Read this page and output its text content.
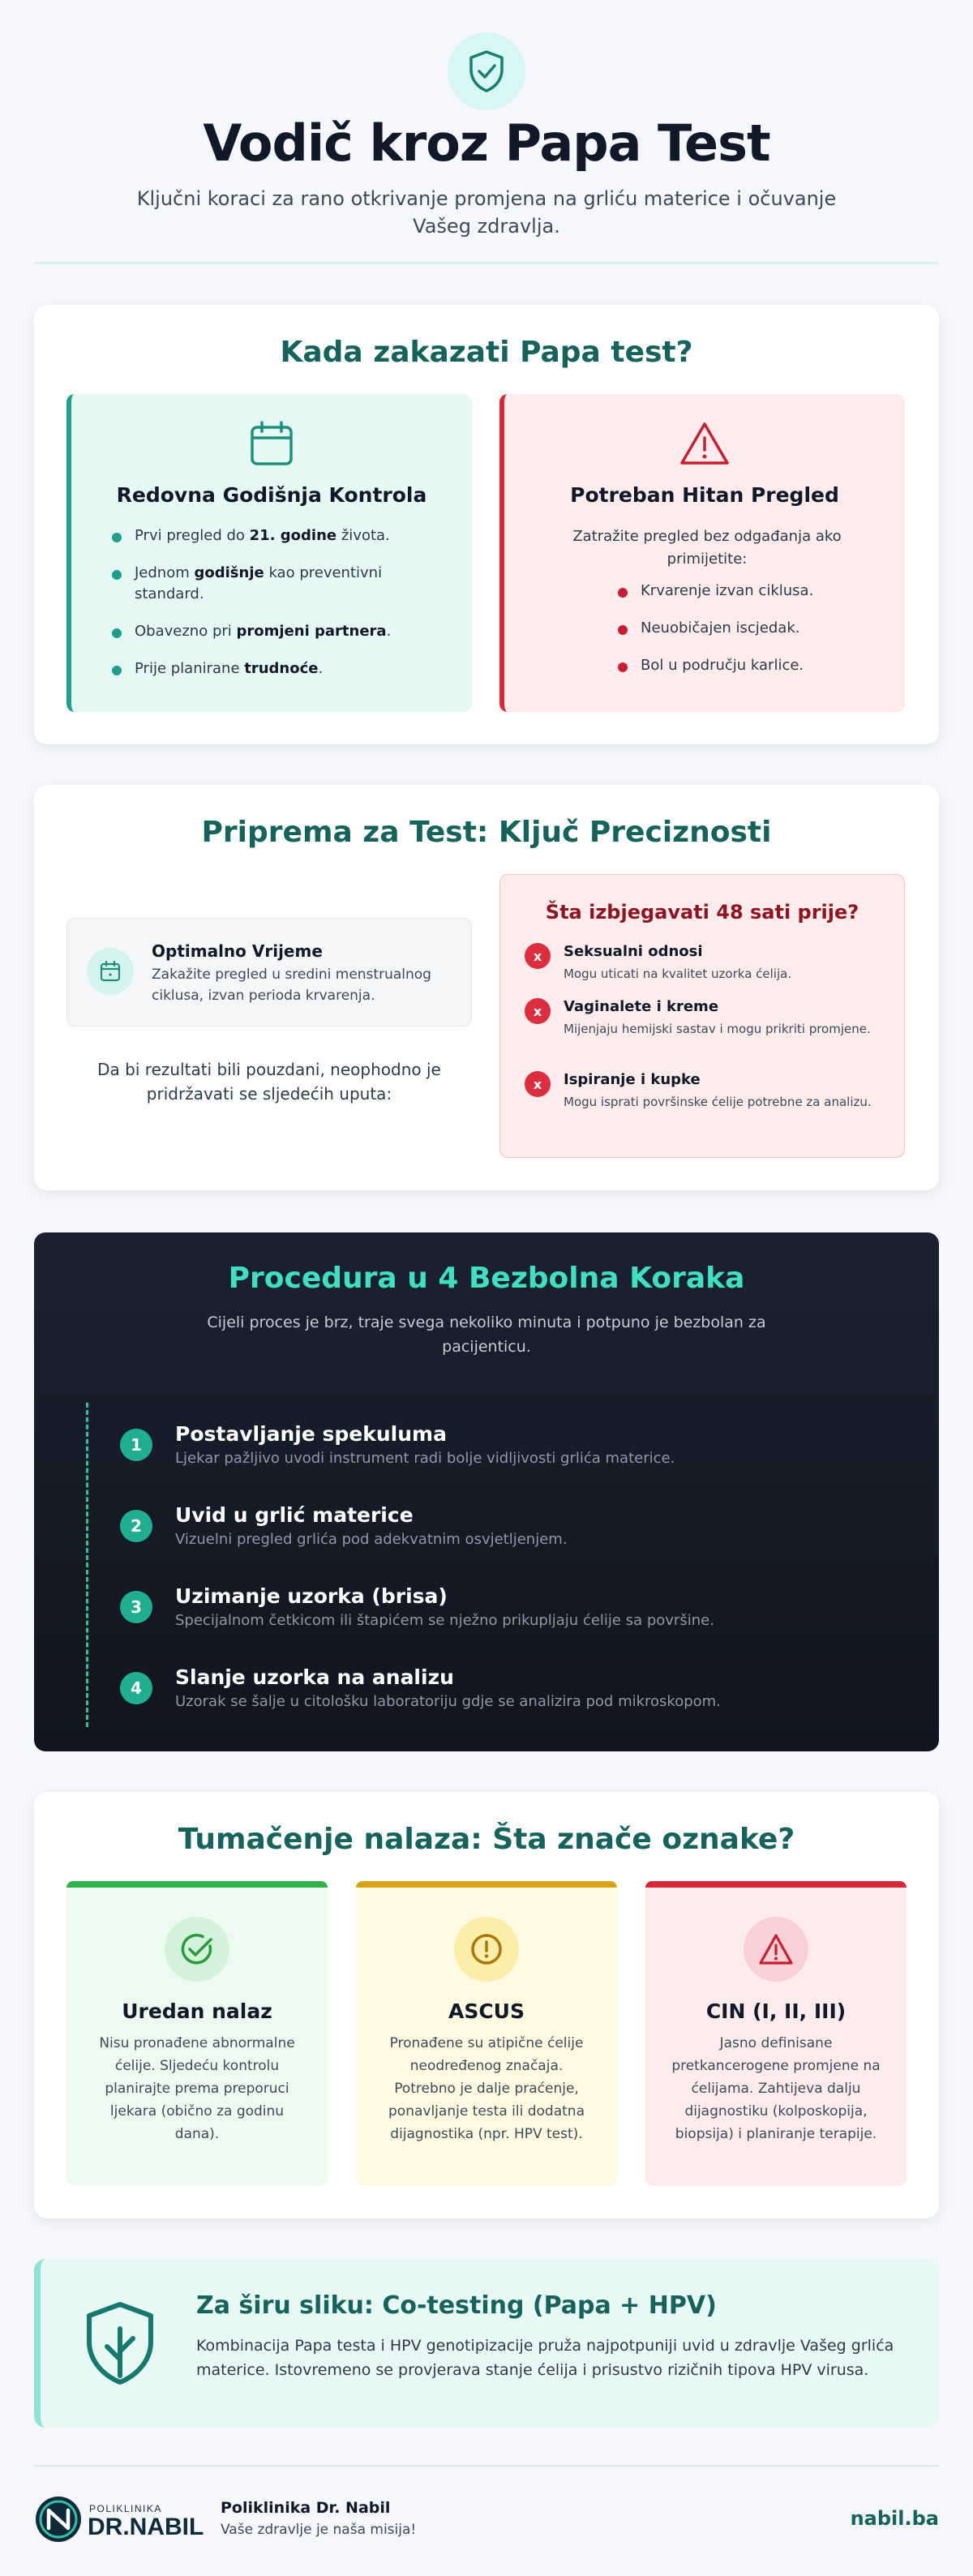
Vodič kroz Papa Test

Ključni koraci za rano otkrivanje promjena na grliću materice i očuvanje Vašeg zdravlja.

Kada zakazati Papa test?
Redovna Godišnja Kontrola
Prvi pregled do 21. godine života.
Jednom godišnje kao preventivni standard.
Obavezno pri promjeni partnera.
Prije planirane trudnoće.
Potreban Hitan Pregled

Zatražite pregled bez odgađanja ako primijetite:

Krvarenje izvan ciklusa.
Neuobičajen iscjedak.
Bol u području karlice.
Priprema za Test: Ključ Preciznosti
Optimalno Vrijeme
Zakažite pregled u sredini menstrualnog ciklusa, izvan perioda krvarenja.

Da bi rezultati bili pouzdani, neophodno je pridržavati se sljedećih uputa:

Šta izbjegavati 48 sati prije?
x	Seksualni odnosi
Mogu uticati na kvalitet uzorka ćelija.
x	Vaginalete i kreme
Mijenjaju hemijski sastav i mogu prikriti promjene.
x	Ispiranje i kupke
Mogu isprati površinske ćelije potrebne za analizu.
Procedura u 4 Bezbolna Koraka

Cijeli proces je brz, traje svega nekoliko minuta i potpuno je bezbolan za pacijenticu.

1	Postavljanje spekuluma
Ljekar pažljivo uvodi instrument radi bolje vidljivosti grlića materice.
2	Uvid u grlić materice
Vizuelni pregled grlića pod adekvatnim osvjetljenjem.
3	Uzimanje uzorka (brisa)
Specijalnom četkicom ili štapićem se nježno prikupljaju ćelije sa površine.
4	Slanje uzorka na analizu
Uzorak se šalje u citološku laboratoriju gdje se analizira pod mikroskopom.
Tumačenje nalaza: Šta znače oznake?
Uredan nalaz

Nisu pronađene abnormalne ćelije. Sljedeću kontrolu planirajte prema preporuci ljekara (obično za godinu dana).

ASCUS

Pronađene su atipične ćelije neodređenog značaja. Potrebno je dalje praćenje, ponavljanje testa ili dodatna dijagnostika (npr. HPV test).

CIN (I, II, III)

Jasno definisane pretkancerogene promjene na ćelijama. Zahtijeva dalju dijagnostiku (kolposkopija, biopsija) i planiranje terapije.

Za širu sliku: Co-testing (Papa + HPV)

Kombinacija Papa testa i HPV genotipizacije pruža najpotpuniji uvid u zdravlje Vašeg grlića materice. Istovremeno se provjerava stanje ćelija i prisustvo rizičnih tipova HPV virusa.

POLIKLINIKA
DR.NABIL
Poliklinika Dr. Nabil
Vaše zdravlje je naša misija!	nabil.ba
